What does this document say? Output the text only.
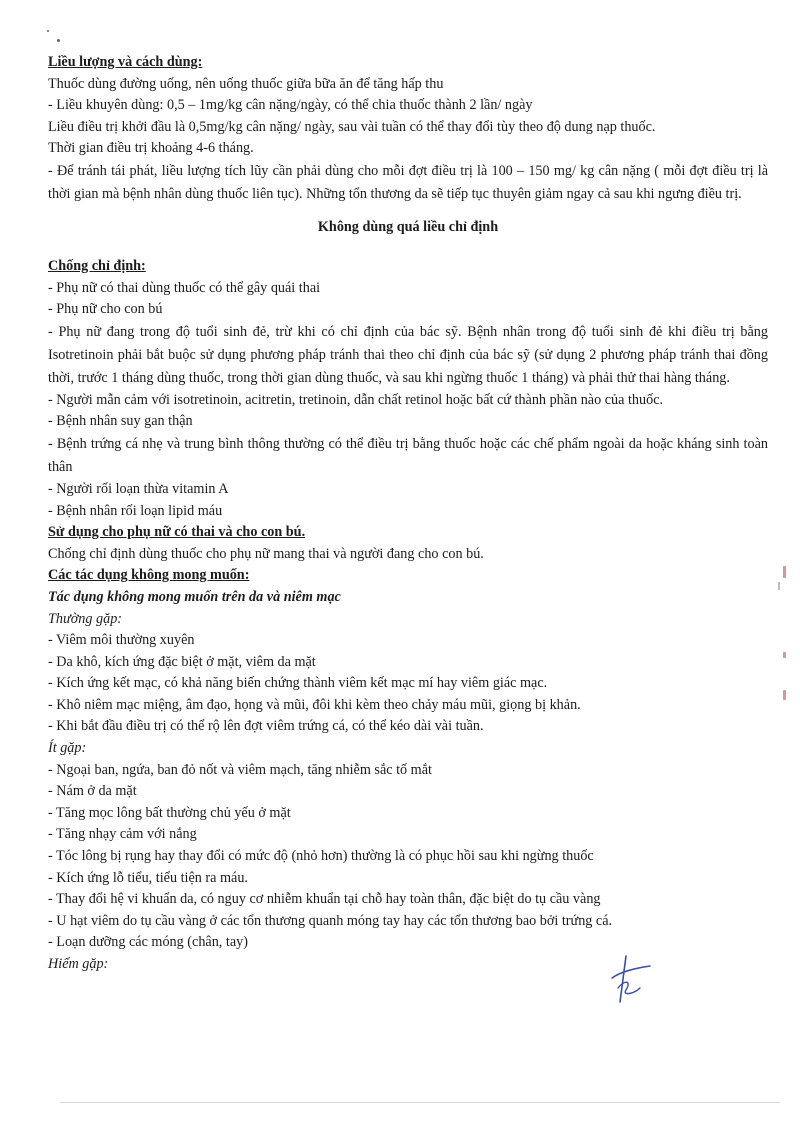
Liều lượng và cách dùng:
Thuốc dùng đường uống, nên uống thuốc giữa bữa ăn để tăng hấp thu
- Liều khuyên dùng: 0,5 – 1mg/kg cân nặng/ngày, có thể chia thuốc thành 2 lần/ ngày
Liều điều trị khởi đầu là 0,5mg/kg cân nặng/ ngày, sau vài tuần có thể thay đổi tùy theo độ dung nạp thuốc.
Thời gian điều trị khoảng 4-6 tháng.
- Để tránh tái phát, liều lượng tích lũy cần phải dùng cho mỗi đợt điều trị là 100 – 150 mg/ kg cân nặng ( mỗi đợt điều trị là thời gian mà bệnh nhân dùng thuốc liên tục). Những tổn thương da sẽ tiếp tục thuyên giảm ngay cả sau khi ngưng điều trị.
Không dùng quá liều chỉ định
Chống chỉ định:
- Phụ nữ có thai dùng thuốc có thể gây quái thai
- Phụ nữ cho con bú
- Phụ nữ đang trong độ tuổi sinh đẻ, trừ khi có chỉ định của bác sỹ. Bệnh nhân trong độ tuổi sinh đẻ khi điều trị bằng Isotretinoin phải bắt buộc sử dụng phương pháp tránh thai theo chỉ định của bác sỹ (sử dụng 2 phương pháp tránh thai đồng thời, trước 1 tháng dùng thuốc, trong thời gian dùng thuốc, và sau khi ngừng thuốc 1 tháng) và phải thử thai hàng tháng.
- Người mẫn cảm với isotretinoin, acitretin, tretinoin, dẫn chất retinol hoặc bất cứ thành phần nào của thuốc.
- Bệnh nhân suy gan thận
- Bệnh trứng cá nhẹ và trung bình thông thường có thể điều trị bằng thuốc hoặc các chế phẩm ngoài da hoặc kháng sinh toàn thân
- Người rối loạn thừa vitamin A
- Bệnh nhân rối loạn lipid máu
Sử dụng cho phụ nữ có thai và cho con bú.
Chống chỉ định dùng thuốc cho phụ nữ mang thai và người đang cho con bú.
Các tác dụng không mong muốn:
Tác dụng không mong muốn trên da và niêm mạc
Thường gặp:
- Viêm môi thường xuyên
- Da khô, kích ứng đặc biệt ở mặt, viêm da mặt
- Kích ứng kết mạc, có khả năng biến chứng thành viêm kết mạc mí hay viêm giác mạc.
- Khô niêm mạc miệng, âm đạo, họng và mũi, đôi khi kèm theo chảy máu mũi, giọng bị khản.
- Khi bắt đầu điều trị có thể rộ lên đợt viêm trứng cá, có thể kéo dài vài tuần.
Ít gặp:
- Ngoại ban, ngứa, ban đỏ nốt và viêm mạch, tăng nhiễm sắc tố mắt
- Nám ở da mặt
- Tăng mọc lông bất thường chủ yếu ở mặt
- Tăng nhạy cảm với nắng
- Tóc lông bị rụng hay thay đổi có mức độ (nhỏ hơn) thường là có phục hồi sau khi ngừng thuốc
- Kích ứng lỗ tiểu, tiểu tiện ra máu.
- Thay đổi hệ vi khuẩn da, có nguy cơ nhiễm khuẩn tại chỗ hay toàn thân, đặc biệt do tụ cầu vàng
- U hạt viêm do tụ cầu vàng ở các tổn thương quanh móng tay hay các tổn thương bao bởi trứng cá.
- Loạn dưỡng các móng (chân, tay)
Hiếm gặp:
